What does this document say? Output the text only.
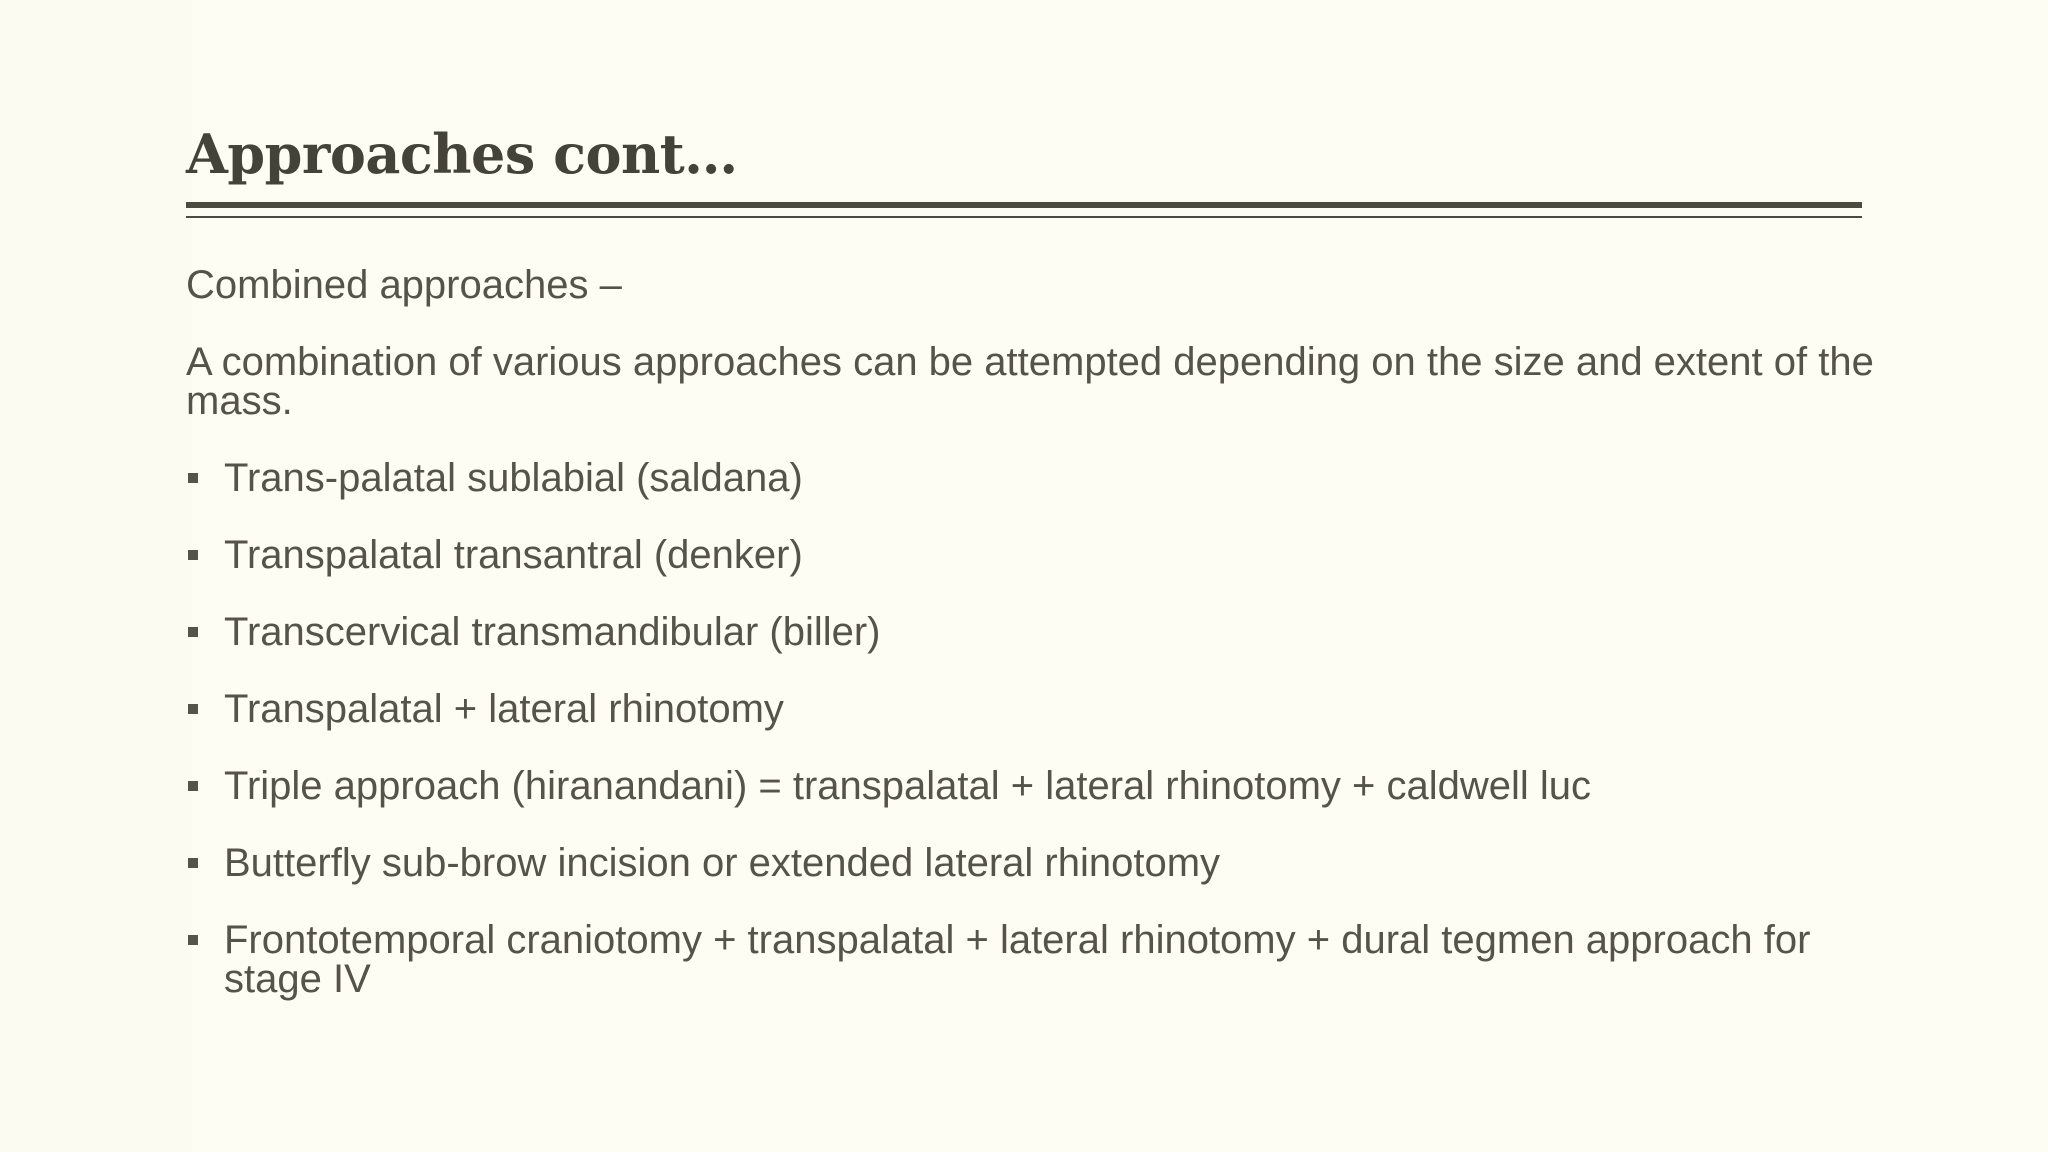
Approaches cont…

Combined approaches –

A combination of various approaches can be attempted depending on the size and extent of the mass.

Trans-palatal sublabial (saldana)
Transpalatal transantral (denker)
Transcervical transmandibular (biller)
Transpalatal + lateral rhinotomy
Triple approach (hiranandani) = transpalatal + lateral rhinotomy + caldwell luc
Butterfly sub-brow incision or extended lateral rhinotomy
Frontotemporal craniotomy + transpalatal + lateral rhinotomy + dural tegmen approach for stage IV
